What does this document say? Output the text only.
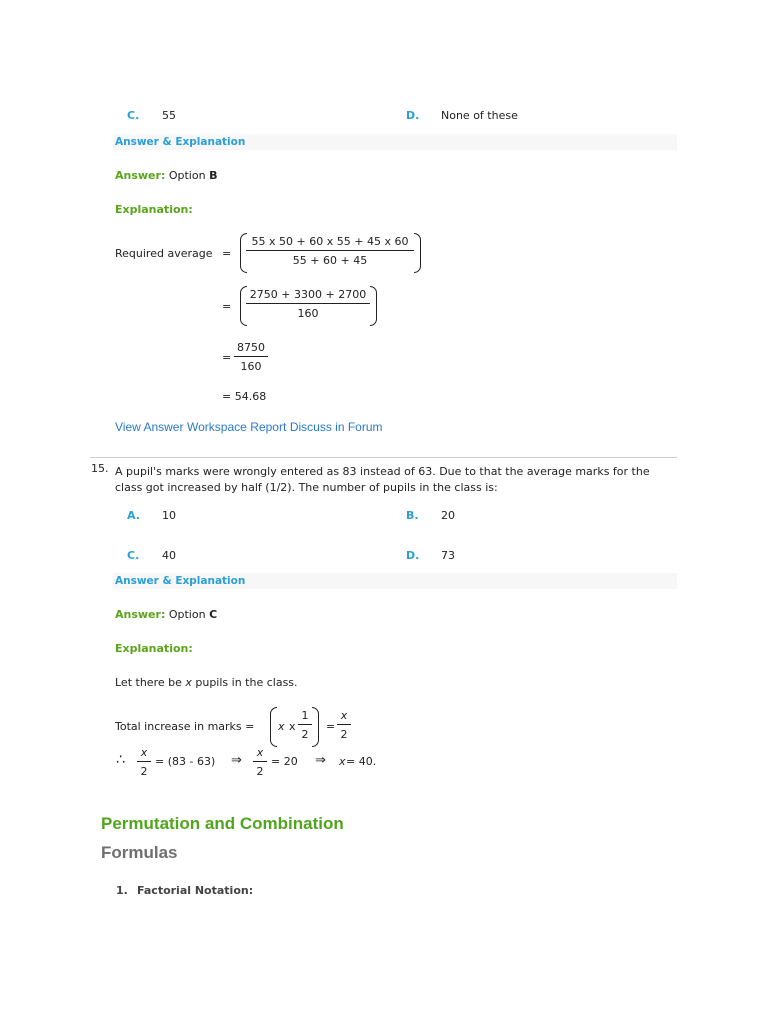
C. 55	D. None of these
Answer & Explanation
Answer: Option B
Explanation:
Required average = $\frac{55 x 50 + 60 x 55 + 45 x 60}{55 + 60 + 45}$
= $\frac{2750 + 3300 + 2700}{160}$
= $\frac{8750}{160}$
= 54.68
View Answer Workspace Report Discuss in Forum
15. A pupil's marks were wrongly entered as 83 instead of 63. Due to that the average marks for the
class got increased by half (1/2). The number of pupils in the class is:
A. 10	B. 20
C. 40	D. 73
Answer & Explanation
Answer: Option C
Explanation:
Let there be x pupils in the class.
Total increase in marks = x x $\frac{1}{2} = \frac{x}{2}$
∴ $\frac{x}{2} = (83 - 63)$ ⇒ $\frac{x}{2} = 20$ ⇒ x = 40.
Permutation and Combination
Formulas
1. Factorial Notation:
